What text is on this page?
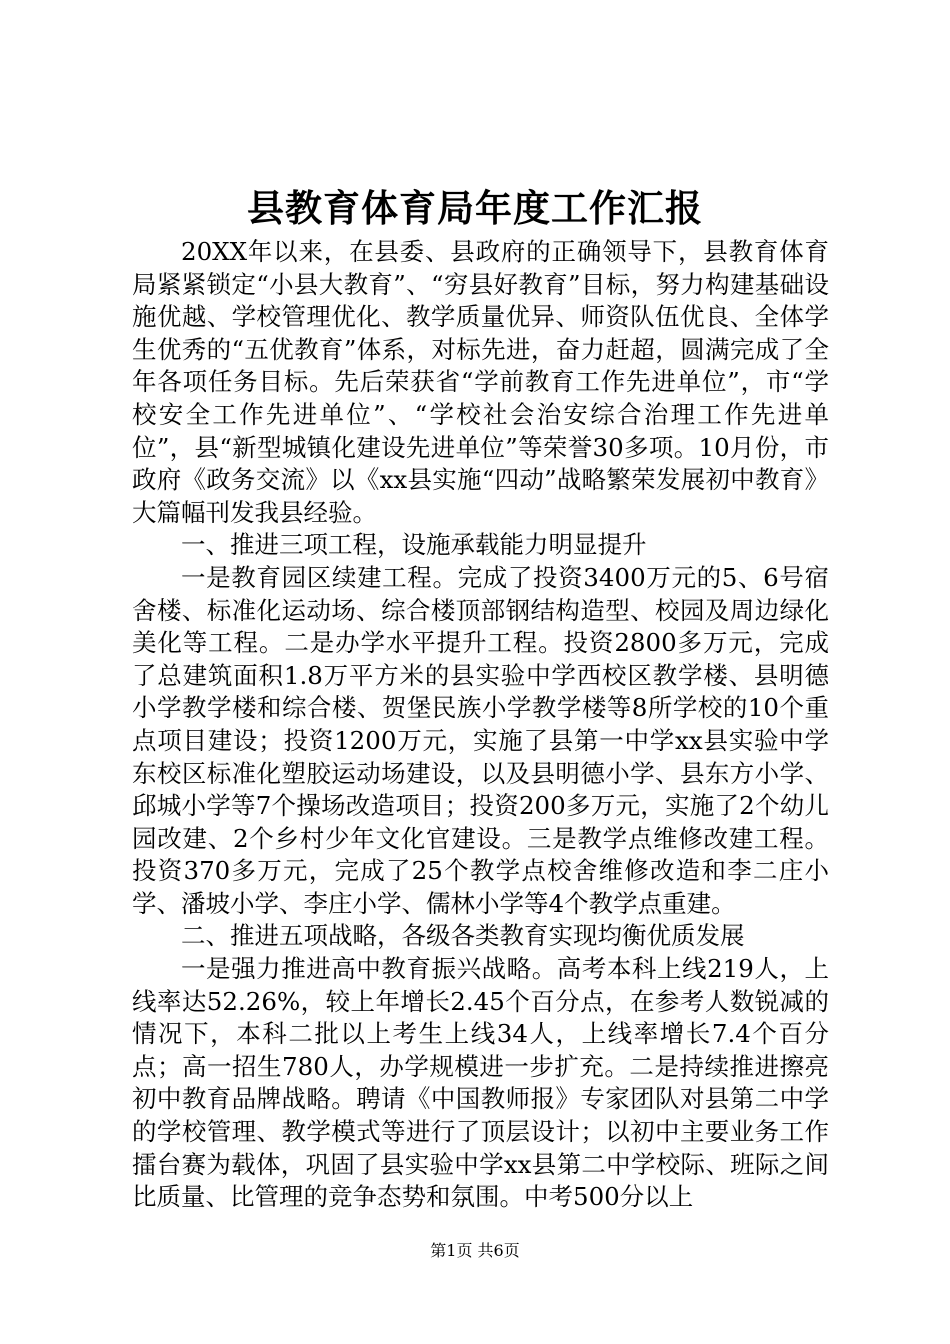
县教育体育局年度工作汇报

20XX年以来，在县委、县政府的正确领导下，县教育体育局紧紧锁定“小县大教育”、“穷县好教育”目标，努力构建基础设施优越、学校管理优化、教学质量优异、师资队伍优良、全体学生优秀的“五优教育”体系，对标先进，奋力赶超，圆满完成了全年各项任务目标。先后荣获省“学前教育工作先进单位”，市“学校安全工作先进单位”、“学校社会治安综合治理工作先进单位”，县“新型城镇化建设先进单位”等荣誉30多项。10月份，市政府《政务交流》以《xx县实施“四动”战略繁荣发展初中教育》大篇幅刊发我县经验。

一、推进三项工程，设施承载能力明显提升

一是教育园区续建工程。完成了投资3400万元的5、6号宿舍楼、标准化运动场、综合楼顶部钢结构造型、校园及周边绿化美化等工程。二是办学水平提升工程。投资2800多万元，完成了总建筑面积1.8万平方米的县实验中学西校区教学楼、县明德小学教学楼和综合楼、贺堡民族小学教学楼等8所学校的10个重点项目建设；投资1200万元，实施了县第一中学xx县实验中学东校区标准化塑胶运动场建设，以及县明德小学、县东方小学、邱城小学等7个操场改造项目；投资200多万元，实施了2个幼儿园改建、2个乡村少年文化官建设。三是教学点维修改建工程。投资370多万元，完成了25个教学点校舍维修改造和李二庄小学、潘坡小学、李庄小学、儒林小学等4个教学点重建。

二、推进五项战略，各级各类教育实现均衡优质发展

一是强力推进高中教育振兴战略。高考本科上线219人，上线率达52.26%，较上年增长2.45个百分点，在参考人数锐减的情况下，本科二批以上考生上线34人，上线率增长7.4个百分点；高一招生780人，办学规模进一步扩充。二是持续推进擦亮初中教育品牌战略。聘请《中国教师报》专家团队对县第二中学的学校管理、教学模式等进行了顶层设计；以初中主要业务工作擂台赛为载体，巩固了县实验中学xx县第二中学校际、班际之间比质量、比管理的竞争态势和氛围。中考500分以上

第1页 共6页
